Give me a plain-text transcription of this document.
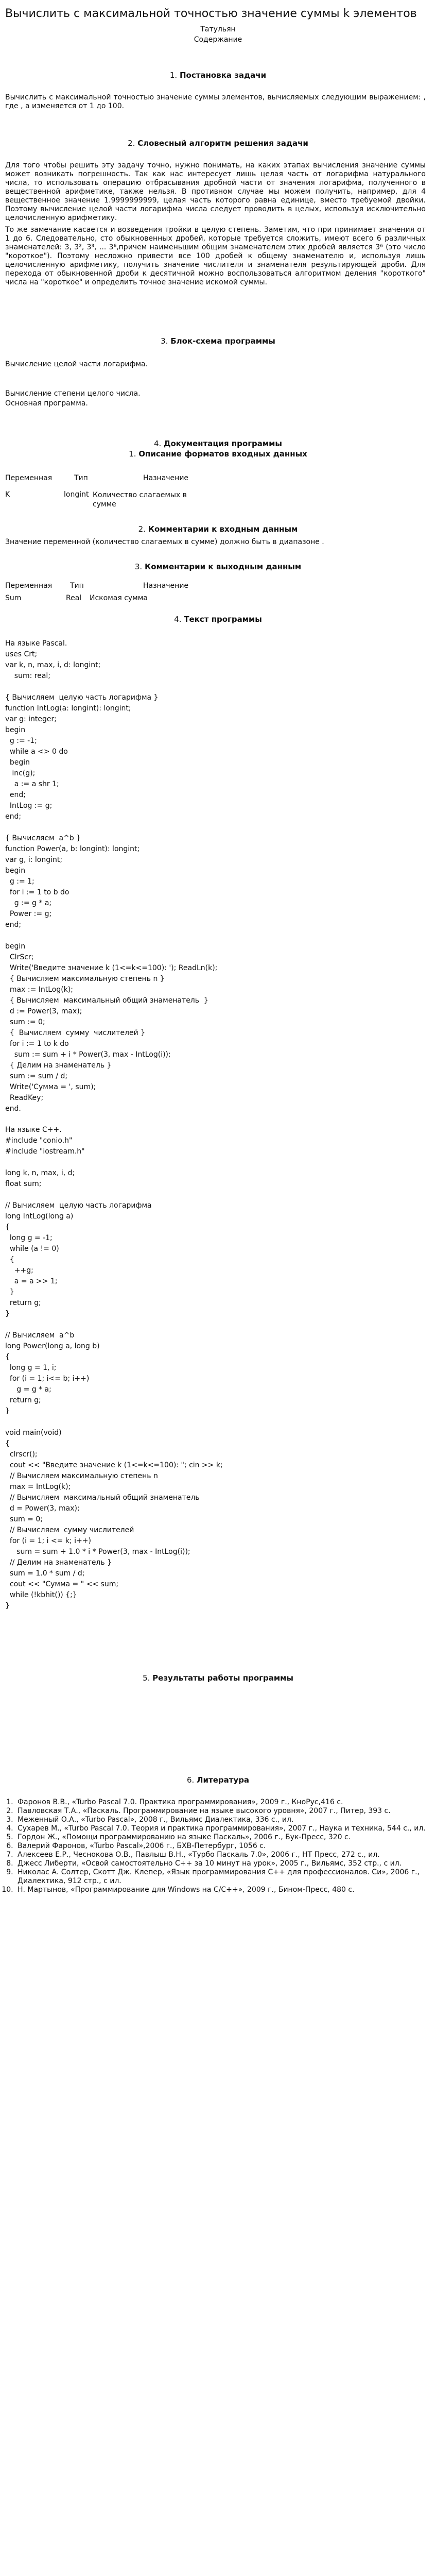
Вычислить с максимальной точностью значение суммы k элементов
Татульян
Содержание
1. Постановка задачи
Вычислить с максимальной точностью значение суммы элементов, вычисляемых следующим выражением: , где , а изменяется от 1 до 100.
2. Словесный алгоритм решения задачи
Для того чтобы решить эту задачу точно, нужно понимать, на каких этапах вычисления значение суммы может возникать погрешность. Так как нас интересует лишь целая часть от логарифма натурального числа, то использовать операцию отбрасывания дробной части от значения логарифма, полученного в вещественной арифметике, также нельзя. В противном случае мы можем получить, например, для 4 вещественное значение 1.9999999999, целая часть которого равна единице, вместо требуемой двойки. Поэтому вычисление целой части логарифма числа следует проводить в целых, используя исключительно целочисленную арифметику.
То же замечание касается и возведения тройки в целую степень. Заметим, что при принимает значения от 1 до 6. Следовательно, сто обыкновенных дробей, которые требуется сложить, имеют всего 6 различных знаменателей: 3, 3², 3³, ... 3⁶,причем наименьшим общим знаменателем этих дробей является 3⁶ (это число "короткое"). Поэтому несложно привести все 100 дробей к общему знаменателю и, используя лишь целочисленную арифметику, получить значение числителя и знаменателя результирующей дроби. Для перехода от обыкновенной дроби к десятичной можно воспользоваться алгоритмом деления "короткого" числа на "короткое" и определить точное значение искомой суммы.
3. Блок-схема программы
Вычисление целой части логарифма.
Вычисление степени целого числа.
Основная программа.
4. Документация программы
1. Описание форматов входных данных
Переменная	Тип	Назначение
K	longint Количество слагаемых в сумме
2. Комментарии к входным данным
Значение переменной (количество слагаемых в сумме) должно быть в диапазоне .
3. Комментарии к выходным данным
Переменная Тип	Назначение
Sum	Real Искомая сумма
4. Текст программы
На языке Pascal.
uses Crt;
var k, n, max, i, d: longint;
sum: real;
{ Вычисляем  целую часть логарифма }
function IntLog(a: longint): longint;
var g: integer;
begin
g := -1;
while a <> 0 do
begin
inc(g);
a := a shr 1;
end;
IntLog := g;
end;
{ Вычисляем  a^b }
function Power(a, b: longint): longint;
var g, i: longint;
begin
g := 1;
for i := 1 to b do
g := g * a;
Power := g;
end;
begin
ClrScr;
Write('Введите значение k (1<=k<=100): '); ReadLn(k);
{ Вычисляем максимальную степень n }
max := IntLog(k);
{ Вычисляем  максимальный общий знаменатель  }
d := Power(3, max);
sum := 0;
{  Вычисляем  сумму  числителей }
for i := 1 to k do
sum := sum + i * Power(3, max - IntLog(i));
{ Делим на знаменатель }
sum := sum / d;
Write('Сумма = ', sum);
ReadKey;
end.
На языке C++.
#include "conio.h"
#include "iostream.h"
long k, n, max, i, d;
float sum;
// Вычисляем  целую часть логарифма
long IntLog(long a)
{
long g = -1;
while (a != 0)
{
++g;
a = a >> 1;
}
return g;
}
// Вычисляем  a^b
long Power(long a, long b)
{
long g = 1, i;
for (i = 1; i<= b; i++)
g = g * a;
return g;
}
void main(void)
{
clrscr();
cout << "Введите значение k (1<=k<=100): "; cin >> k;
// Вычисляем максимальную степень n
max = IntLog(k);
// Вычисляем  максимальный общий знаменатель
d = Power(3, max);
sum = 0;
// Вычисляем  сумму числителей
for (i = 1; i <= k; i++)
sum = sum + 1.0 * i * Power(3, max - IntLog(i));
// Делим на знаменатель }
sum = 1.0 * sum / d;
cout << "Сумма = " << sum;
while (!kbhit()) {;}
}
5. Результаты работы программы
6. Литература
1. Фаронов В.В., «Turbo Pascal 7.0. Практика программирования», 2009 г., КноРус,416 с.
2. Павловская Т.А., «Паскаль. Программирование на языке высокого уровня», 2007 г., Питер, 393 с.
3. Меженный О.А., «Turbo Pascal», 2008 г., Вильямс Диалектика, 336 с., ил.
4. Сухарев М., «Turbo Pascal 7.0. Теория и практика программирования», 2007 г., Наука и техника, 544 с., ил.
5. Гордон Ж., «Помощи программированию на языке Паскаль», 2006 г., Бук-Пресс, 320 с.
6. Валерий Фаронов, «Turbo Pascal»,2006 г., БХВ-Петербург, 1056 с.
7. Алексеев Е.Р., Чеснокова О.В., Павлыш В.Н., «Турбо Паскаль 7.0», 2006 г., НТ Пресс, 272 с., ил.
8. Джесс Либерти, «Освой самостоятельно C++ за 10 минут на урок», 2005 г., Вильямс, 352 стр., с ил.
9. Николас А. Солтер, Скотт Дж. Клепер, «Язык программирования C++ для профессионалов. Си», 2006 г., Диалектика, 912 стр., с ил.
10. Н. Мартынов, «Программирование для Windows на C/C++», 2009 г., Бином-Пресс, 480 с.
